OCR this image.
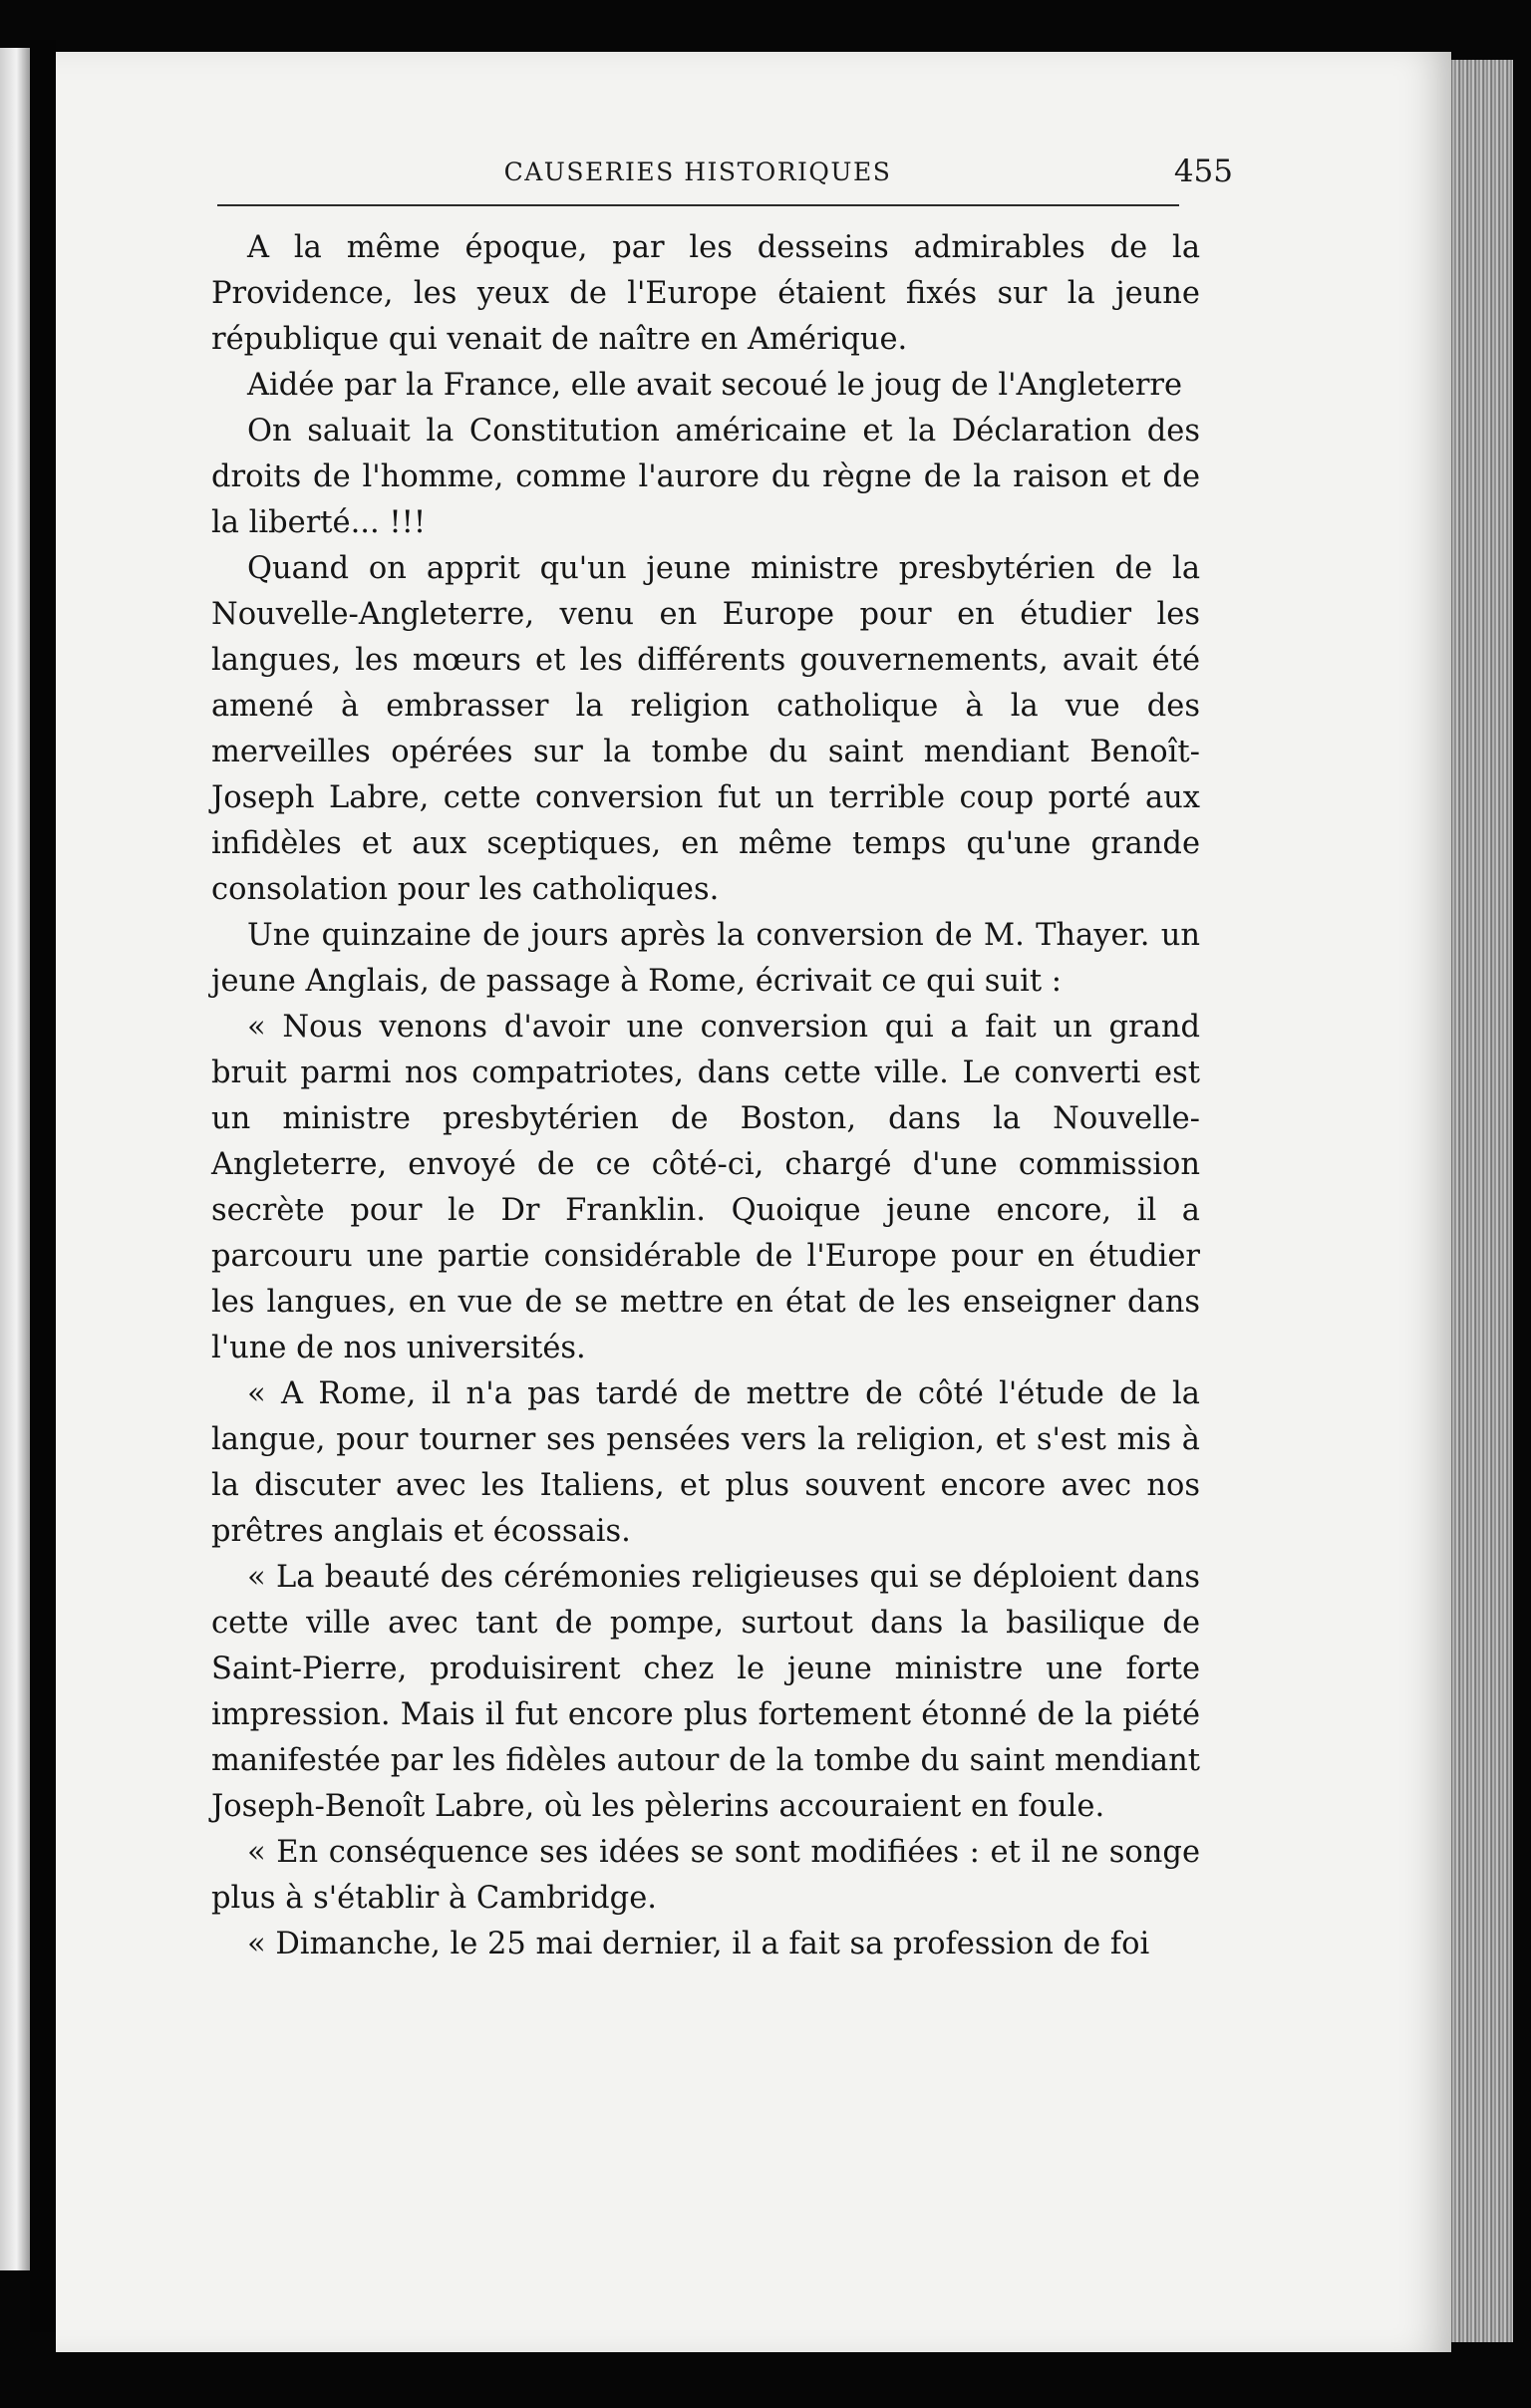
CAUSERIES HISTORIQUES	455

A la même époque, par les desseins admirables de la Providence, les yeux de l'Europe étaient fixés sur la jeune république qui venait de naître en Amérique.

Aidée par la France, elle avait secoué le joug de l'Angleterre

On saluait la Constitution américaine et la Déclaration des droits de l'homme, comme l'aurore du règne de la raison et de la liberté... !!!

Quand on apprit qu'un jeune ministre presbytérien de la Nouvelle-Angleterre, venu en Europe pour en étudier les langues, les mœurs et les différents gouvernements, avait été amené à embrasser la religion catholique à la vue des merveilles opérées sur la tombe du saint mendiant Benoît-Joseph Labre, cette conversion fut un terrible coup porté aux infidèles et aux sceptiques, en même temps qu'une grande consolation pour les catholiques.

Une quinzaine de jours après la conversion de M. Thayer. un jeune Anglais, de passage à Rome, écrivait ce qui suit :

« Nous venons d'avoir une conversion qui a fait un grand bruit parmi nos compatriotes, dans cette ville. Le converti est un ministre presbytérien de Boston, dans la Nouvelle-Angleterre, envoyé de ce côté-ci, chargé d'une commission secrète pour le Dr Franklin. Quoique jeune encore, il a parcouru une partie considérable de l'Europe pour en étudier les langues, en vue de se mettre en état de les enseigner dans l'une de nos universités.

« A Rome, il n'a pas tardé de mettre de côté l'étude de la langue, pour tourner ses pensées vers la religion, et s'est mis à la discuter avec les Italiens, et plus souvent encore avec nos prêtres anglais et écossais.

« La beauté des cérémonies religieuses qui se déploient dans cette ville avec tant de pompe, surtout dans la basilique de Saint-Pierre, produisirent chez le jeune ministre une forte impression. Mais il fut encore plus fortement étonné de la piété manifestée par les fidèles autour de la tombe du saint mendiant Joseph-Benoît Labre, où les pèlerins accouraient en foule.

« En conséquence ses idées se sont modifiées : et il ne songe plus à s'établir à Cambridge.

« Dimanche, le 25 mai dernier, il a fait sa profession de foi
